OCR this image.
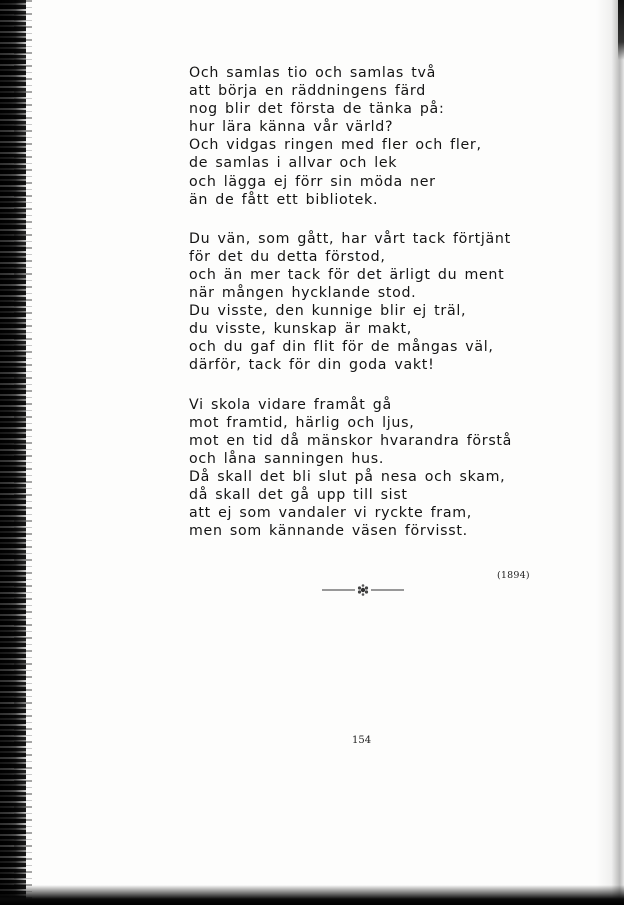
Och samlas tio och samlas två
att börja en räddningens färd
nog blir det första de tänka på:
hur lära känna vår värld?
Och vidgas ringen med fler och fler,
de samlas i allvar och lek
och lägga ej förr sin möda ner
än de fått ett bibliotek.
Du vän, som gått, har vårt tack förtjänt
för det du detta förstod,
och än mer tack för det ärligt du ment
när mången hycklande stod.
Du visste, den kunnige blir ej träl,
du visste, kunskap är makt,
och du gaf din flit för de mångas väl,
därför, tack för din goda vakt!
Vi skola vidare framåt gå
mot framtid, härlig och ljus,
mot en tid då mänskor hvarandra förstå
och låna sanningen hus.
Då skall det bli slut på nesa och skam,
då skall det gå upp till sist
att ej som vandaler vi ryckte fram,
men som kännande väsen förvisst.
(1894)
154
